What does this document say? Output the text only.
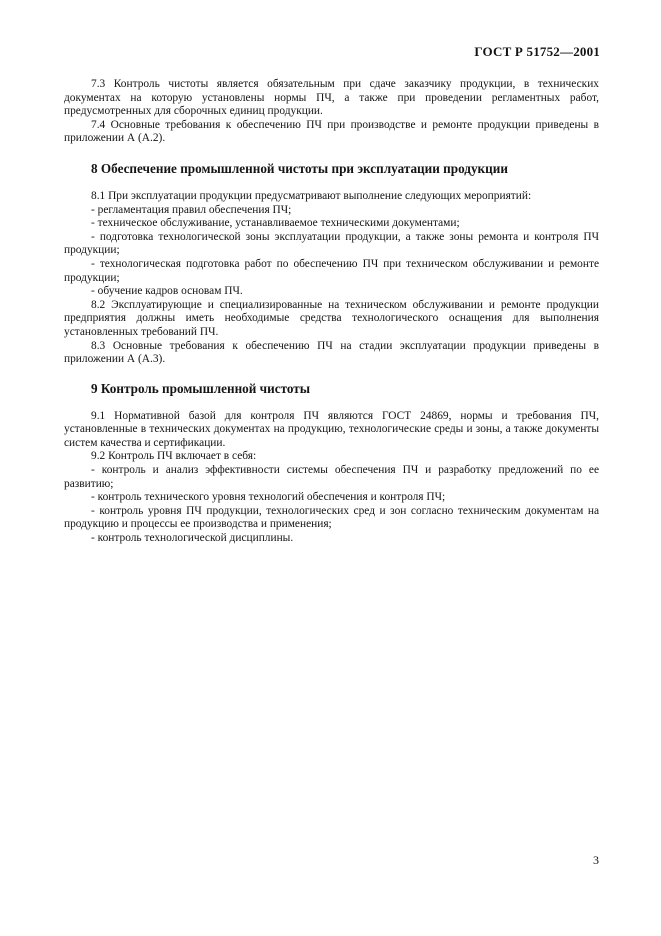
ГОСТ Р 51752—2001

7.3 Контроль чистоты является обязательным при сдаче заказчику продукции, в технических документах на которую установлены нормы ПЧ, а также при проведении регламентных работ, предусмотренных для сборочных единиц продукции.

7.4 Основные требования к обеспечению ПЧ при производстве и ремонте продукции приведены в приложении А (А.2).

8 Обеспечение промышленной чистоты при эксплуатации продукции

8.1 При эксплуатации продукции предусматривают выполнение следующих мероприятий:

- регламентация правил обеспечения ПЧ;

- техническое обслуживание, устанавливаемое техническими документами;

- подготовка технологической зоны эксплуатации продукции, а также зоны ремонта и контроля ПЧ продукции;

- технологическая подготовка работ по обеспечению ПЧ при техническом обслуживании и ремонте продукции;

- обучение кадров основам ПЧ.

8.2 Эксплуатирующие и специализированные на техническом обслуживании и ремонте продукции предприятия должны иметь необходимые средства технологического оснащения для выполнения установленных требований ПЧ.

8.3 Основные требования к обеспечению ПЧ на стадии эксплуатации продукции приведены в приложении А (А.3).

9 Контроль промышленной чистоты

9.1 Нормативной базой для контроля ПЧ являются ГОСТ 24869, нормы и требования ПЧ, установленные в технических документах на продукцию, технологические среды и зоны, а также документы систем качества и сертификации.

9.2 Контроль ПЧ включает в себя:

- контроль и анализ эффективности системы обеспечения ПЧ и разработку предложений по ее развитию;

- контроль технического уровня технологий обеспечения и контроля ПЧ;

- контроль уровня ПЧ продукции, технологических сред и зон согласно техническим документам на продукцию и процессы ее производства и применения;

- контроль технологической дисциплины.

3
